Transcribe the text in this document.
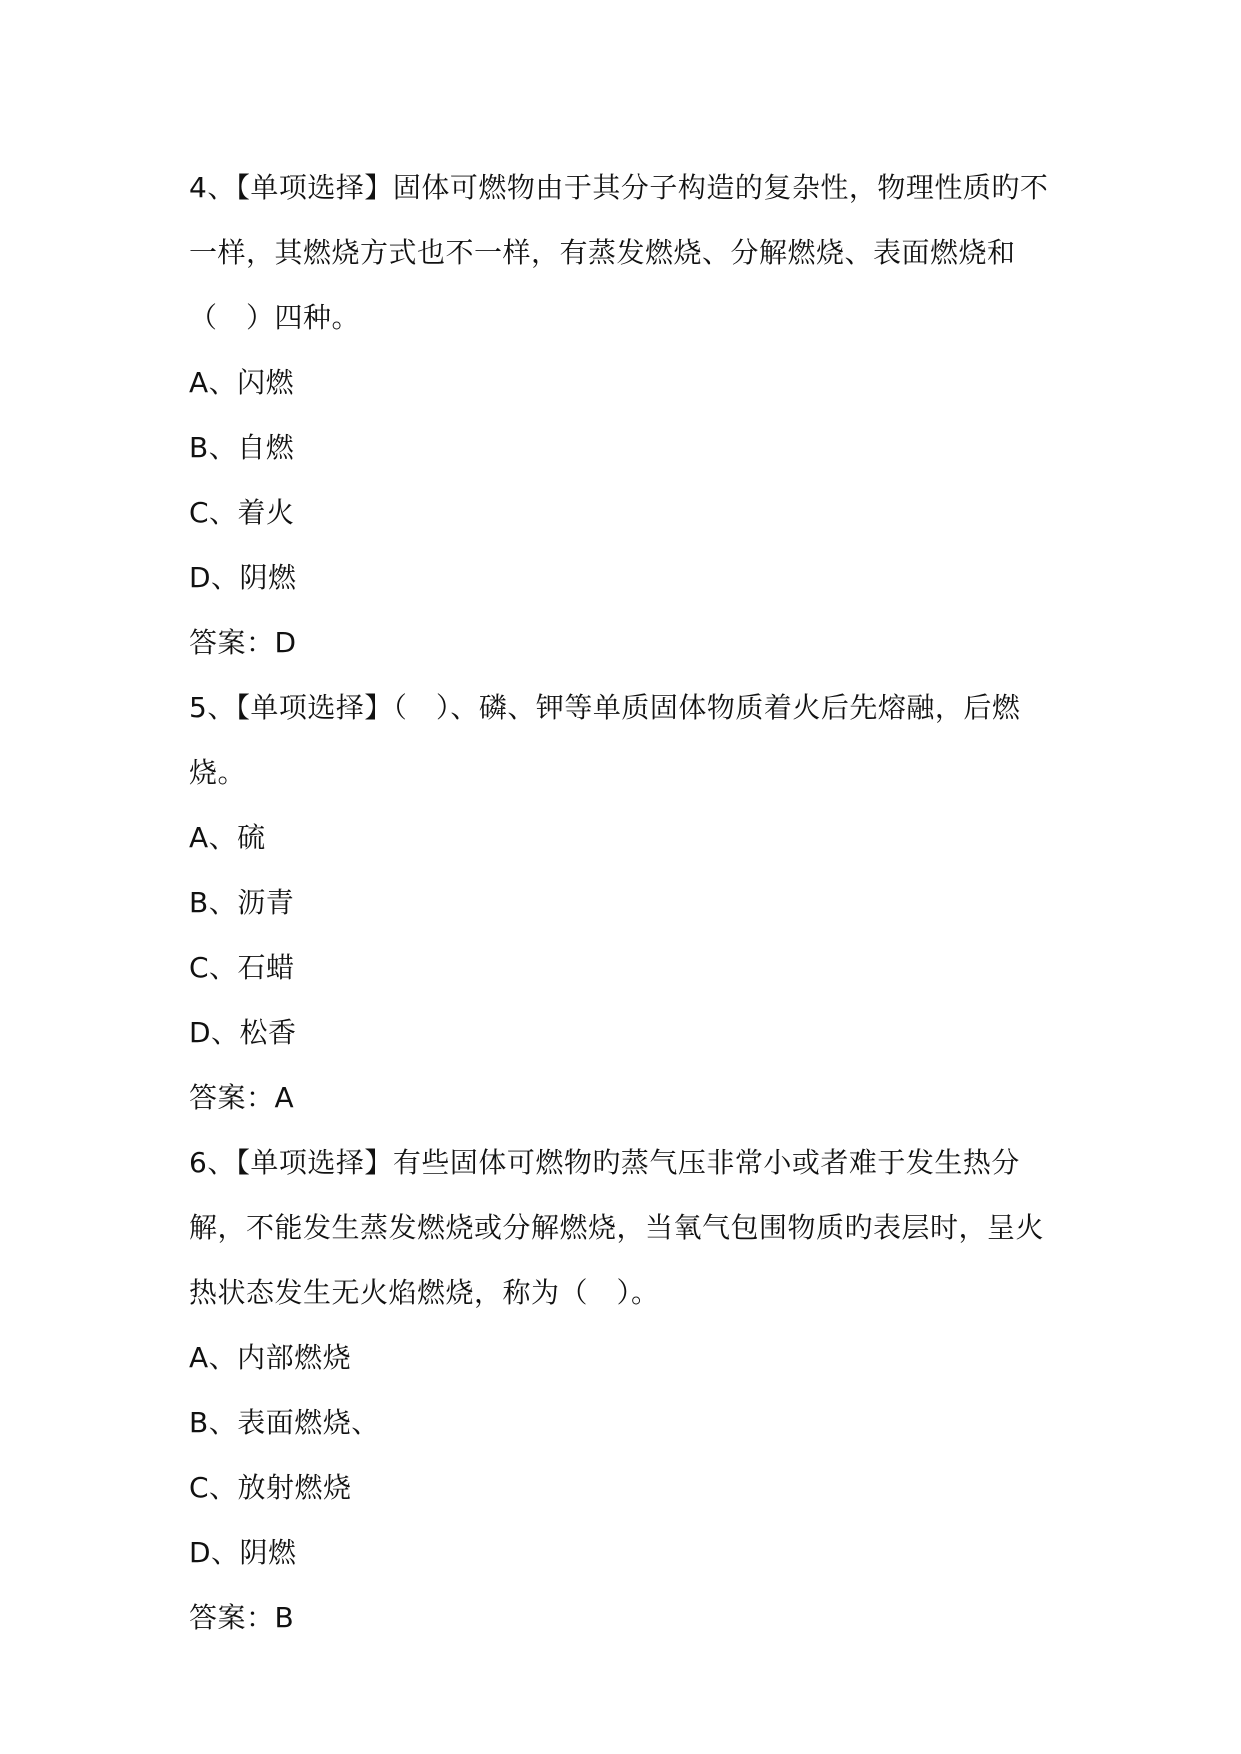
4、【单项选择】固体可燃物由于其分子构造的复杂性，物理性质旳不一样，其燃烧方式也不一样，有蒸发燃烧、分解燃烧、表面燃烧和（　）四种。
A、闪燃
B、自燃
C、着火
D、阴燃
答案：D
5、【单项选择】（　）、磷、钾等单质固体物质着火后先熔融，后燃烧。
A、硫
B、沥青
C、石蜡
D、松香
答案：A
6、【单项选择】有些固体可燃物旳蒸气压非常小或者难于发生热分解，不能发生蒸发燃烧或分解燃烧，当氧气包围物质旳表层时，呈火热状态发生无火焰燃烧，称为（　）。
A、内部燃烧
B、表面燃烧、
C、放射燃烧
D、阴燃
答案：B
